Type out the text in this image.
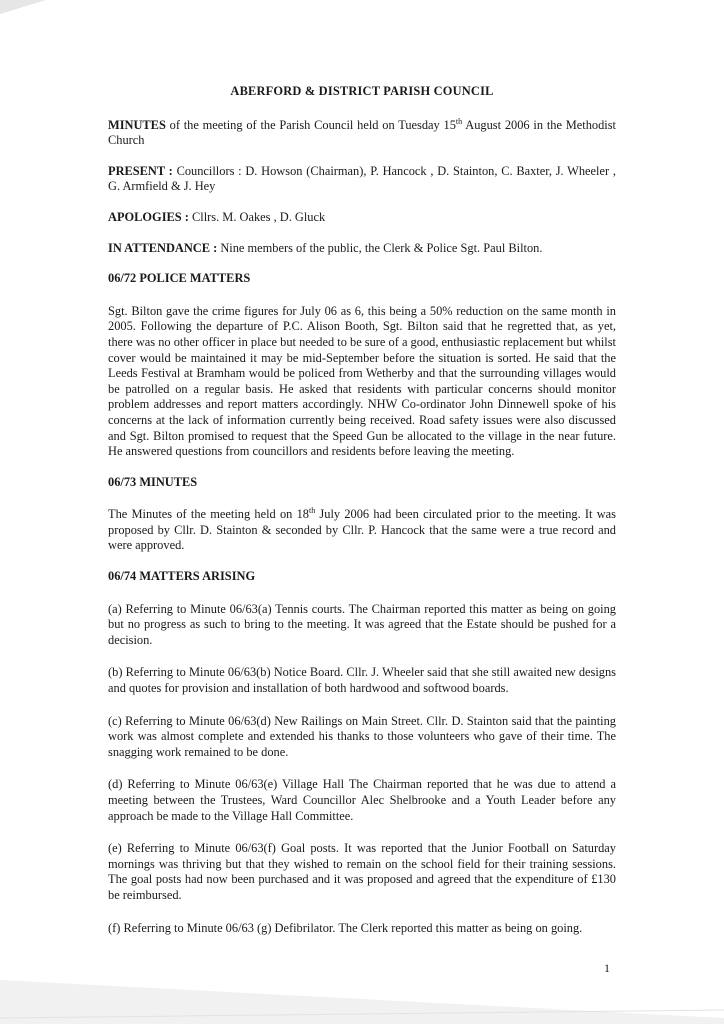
ABERFORD & DISTRICT PARISH COUNCIL

MINUTES of the meeting of the Parish Council held on Tuesday 15th August 2006 in the Methodist Church

PRESENT : Councillors : D. Howson (Chairman), P. Hancock , D. Stainton, C. Baxter, J. Wheeler , G. Armfield & J. Hey

APOLOGIES : Cllrs. M. Oakes , D. Gluck

IN ATTENDANCE : Nine members of the public, the Clerk & Police Sgt. Paul Bilton.

06/72 POLICE MATTERS

Sgt. Bilton gave the crime figures for July 06 as 6, this being a 50% reduction on the same month in 2005. Following the departure of P.C. Alison Booth, Sgt. Bilton said that he regretted that, as yet, there was no other officer in place but needed to be sure of a good, enthusiastic replacement but whilst cover would be maintained it may be mid-September before the situation is sorted. He said that the Leeds Festival at Bramham would be policed from Wetherby and that the surrounding villages would be patrolled on a regular basis. He asked that residents with particular concerns should monitor problem addresses and report matters accordingly. NHW Co-ordinator John Dinnewell spoke of his concerns at the lack of information currently being received. Road safety issues were also discussed and Sgt. Bilton promised to request that the Speed Gun be allocated to the village in the near future. He answered questions from councillors and residents before leaving the meeting.

06/73 MINUTES

The Minutes of the meeting held on 18th July 2006 had been circulated prior to the meeting. It was proposed by Cllr. D. Stainton & seconded by Cllr. P. Hancock that the same were a true record and were approved.

06/74 MATTERS ARISING

(a) Referring to Minute 06/63(a) Tennis courts. The Chairman reported this matter as being on going but no progress as such to bring to the meeting. It was agreed that the Estate should be pushed for a decision.

(b) Referring to Minute 06/63(b) Notice Board. Cllr. J. Wheeler said that she still awaited new designs and quotes for provision and installation of both hardwood and softwood boards.

(c) Referring to Minute 06/63(d) New Railings on Main Street. Cllr. D. Stainton said that the painting work was almost complete and extended his thanks to those volunteers who gave of their time. The snagging work remained to be done.

(d) Referring to Minute 06/63(e) Village Hall The Chairman reported that he was due to attend a meeting between the Trustees, Ward Councillor Alec Shelbrooke and a Youth Leader before any approach be made to the Village Hall Committee.

(e) Referring to Minute 06/63(f) Goal posts. It was reported that the Junior Football on Saturday mornings was thriving but that they wished to remain on the school field for their training sessions. The goal posts had now been purchased and it was proposed and agreed that the expenditure of £130 be reimbursed.

(f) Referring to Minute 06/63 (g) Defibrilator. The Clerk reported this matter as being on going.

1
